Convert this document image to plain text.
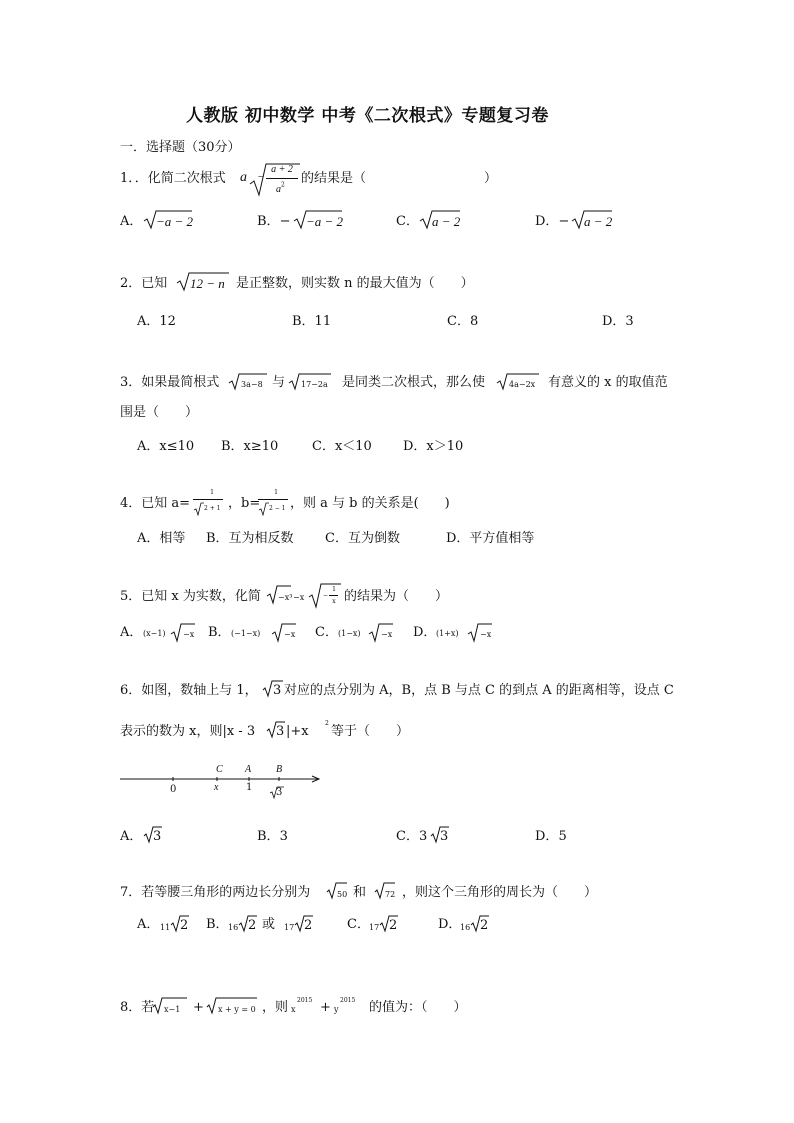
人教版 初中数学 中考《二次根式》专题复习卷
一．选择题（30分）
1．．化简二次根式 a −
a + 2
$a^2$ 的结果是（	）
A． −a − 2	B．− −a − 2	C． a − 2	D．− a − 2
2．已知 12 − n 是正整数，则实数 n 的最大值为（　　）
A．12	B．11	C．8	D．3
3．如果最简根式	3a−8 与 17−2a 是同类二次根式，那么使	4a−2x 有意义的 x 的取值范
围是（　　）
A．x≤10 B．x≥10	C．x＜10 D．x＞10
4．已知 a=
1
2 + 1 ，b=
1
2 − 1 ，则 a 与 b 的关系是(　　)
A．相等 B．互为相反数 C．互为倒数	D．平方值相等
5．已知 x 为实数，化简 −x³ −x	−
1
x 的结果为（　　）
A． (x−1) −x B． (−1−x)	−x C． (1−x)	−x D． (1+x)	−x
6．如图，数轴上与 1， 3 对应的点分别为 A，B，点 B 与点 C 的到点 A 的距离相等，设点 C
表示的数为 x，则|x - 3 3 |+x
2
等于（　　）
0	x	1 3
C A B
A． 3	B．3	C．3 3	D．5
7．若等腰三角形的两边长分别为	50 和 72 ，则这个三角形的周长为（　　）
A． 11 2 B． 16 2 或 17 2	C． 17 2	D．
16 2
8．若 x−1 + x + y = 0 ，则 x
2015 + y
2015 的值为：（　　）
